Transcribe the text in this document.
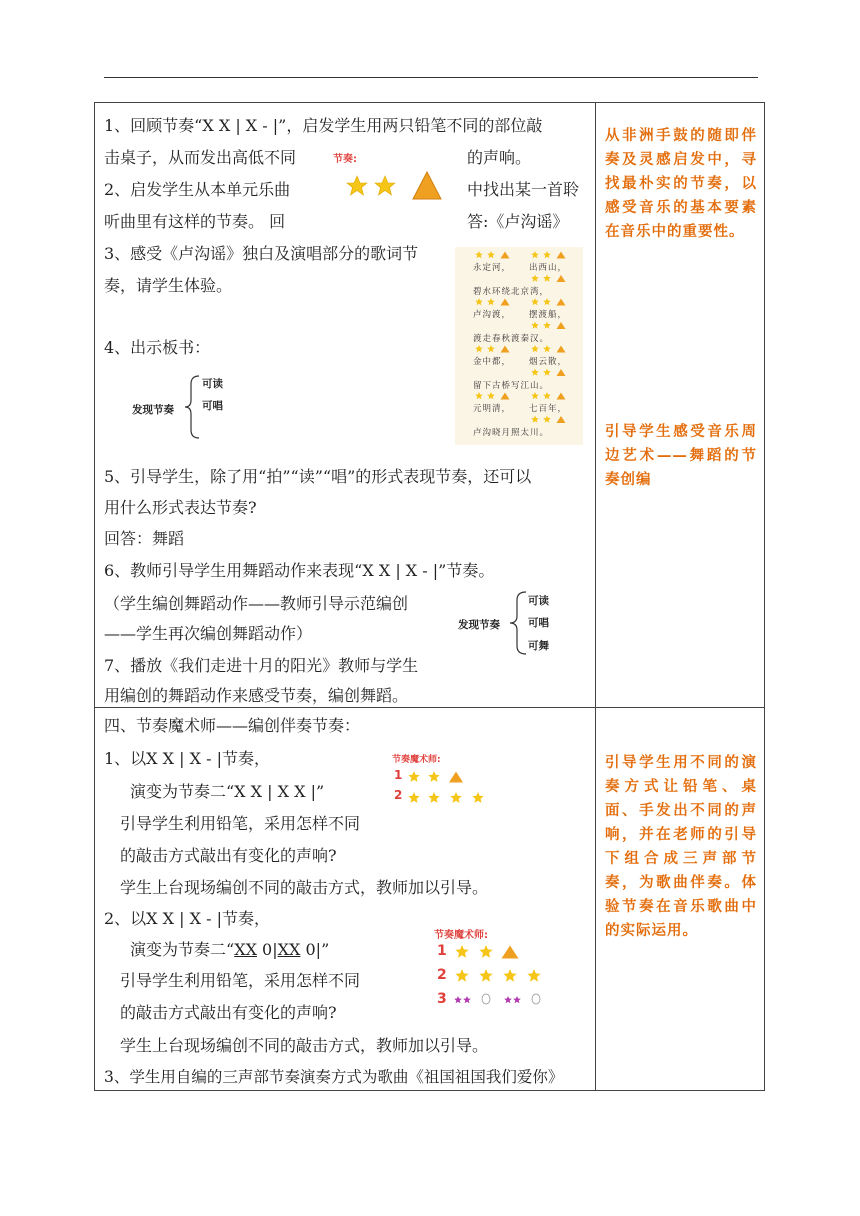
1、回顾节奏“X X | X - |”，启发学生用两只铅笔不同的部位敲
击桌子，从而发出高低不同	的声响。
2、启发学生从本单元乐曲	中找出某一首聆
听曲里有这样的节奏。 回	答:《卢沟谣》
3、感受《卢沟谣》独白及演唱部分的歌词节
奏，请学生体验。
4、出示板书：
5、引导学生，除了用“拍”“读”“唱”的形式表现节奏，还可以
用什么形式表达节奏?
回答：舞蹈
6、教师引导学生用舞蹈动作来表现“X X | X - |”节奏。
（学生编创舞蹈动作——教师引导示范编创
——学生再次编创舞蹈动作）
7、播放《我们走进十月的阳光》教师与学生
用编创的舞蹈动作来感受节奏，编创舞蹈。
节奏:
永定河， 出西山，
碧水环绕北京湾，
卢沟渡， 摆渡船，
渡走春秋渡秦汉。
金中都， 烟云散，
留下古桥写江山。
元明清， 七百年，
卢沟晓月照太川。
发现节奏
可读
可唱
发现节奏
可读
可唱
可舞
从非洲手鼓的随即伴奏及灵感启发中，寻找最朴实的节奏，以感受音乐的基本要素在音乐中的重要性。
引导学生感受音乐周边艺术——舞蹈的节奏创编
四、节奏魔术师——编创伴奏节奏：
1、以X X | X - |节奏，
演变为节奏二“X X | X X |”
引导学生利用铅笔，采用怎样不同
的敲击方式敲出有变化的声响?
学生上台现场编创不同的敲击方式，教师加以引导。
2、以X X | X - |节奏，
演变为节奏二“XX 0|XX 0|”
引导学生利用铅笔，采用怎样不同
的敲击方式敲出有变化的声响?
学生上台现场编创不同的敲击方式，教师加以引导。
3、学生用自编的三声部节奏演奏方式为歌曲《祖国祖国我们爱你》
节奏魔术师:
1
2
节奏魔术师:
1
2
3
引导学生用不同的演奏方式让铅笔、桌面、手发出不同的声响，并在老师的引导下组合成三声部节奏，为歌曲伴奏。体验节奏在音乐歌曲中的实际运用。
